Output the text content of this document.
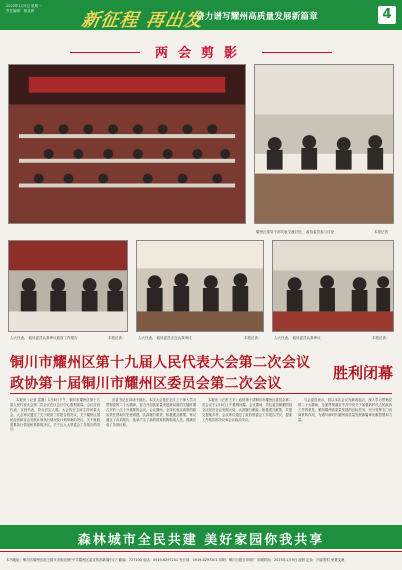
2023年1月9日 星期一
责任编辑：杨亚洲	新征程 再出发
奋力谱写耀州高质量发展新篇章	4
两会剪影
耀州区领导干部代表交流讨论、 政协委员参与讨论	本报记者
人大代表、 政协委员认真审议政府工作报告	本报记者	人大代表、 政协委员正在认真审议	本报记者	人大代表、 政协委员认真审议	本报记者
铜川市耀州区第十九届人民代表大会第二次会议
政协第十届铜川市耀州区委员会第二次会议
胜利闭幕

本报讯（记者 雷刚）1月8日下午，铜川市耀州区第十九届人民代表大会第二次会议在区会议中心胜利闭幕。会议应到代表，实到代表，符合法定人数。大会执行主席主持闭幕大会。大会审议通过了关于政府工作报告的决议，关于耀州区国民经济和社会发展计划执行情况及计划草案的决议，关于财政预算执行情况和预算的决议，关于区人大常委会工作报告的决议。

区委书记在讲话中指出，本次大会是在全区上下深入学习贯彻党的二十大精神、奋力开创高质量发展新局面的关键时期召开的一次十分重要的会议。会议期间，全体代表以高度的政治责任感和历史使命感，认真履行职责，积极建言献策，审议通过了各项报告，选举产生了新的国家机构组成人员，圆满完成了各项议程。

本报讯（记者 王平）政协第十届铜川市耀州区委员会第二次会议于1月8日上午胜利闭幕。会议期间，各位委员紧紧围绕全区经济社会发展大局，认真履行职能，积极建言献策，共提交提案多件。会议审议通过了政协常委会工作报告决议、提案工作报告的决议和会议政治决议。

与会委员表示，将以本次会议为新的起点，深入学习贯彻党的二十大精神，全面贯彻落实中共中央关于加强新时代人民政协工作的意见，紧扣耀州高质量发展的目标任务，充分发挥专门协商机构作用，为谱写新时代耀州高质量发展新篇章贡献智慧和力量。

森林城市全民共建 美好家园你我共享
本刊地址：铜川市耀州区药王路永安街北侧"中共耀州区委宣传部新闻中心" 邮编：727100 电话：0919-6297201 发行部：0919-6297201 印刷：铜川日报社印刷厂 印刷时间：2023年1月9日 凌晨 定价：内部资料 免费交流
